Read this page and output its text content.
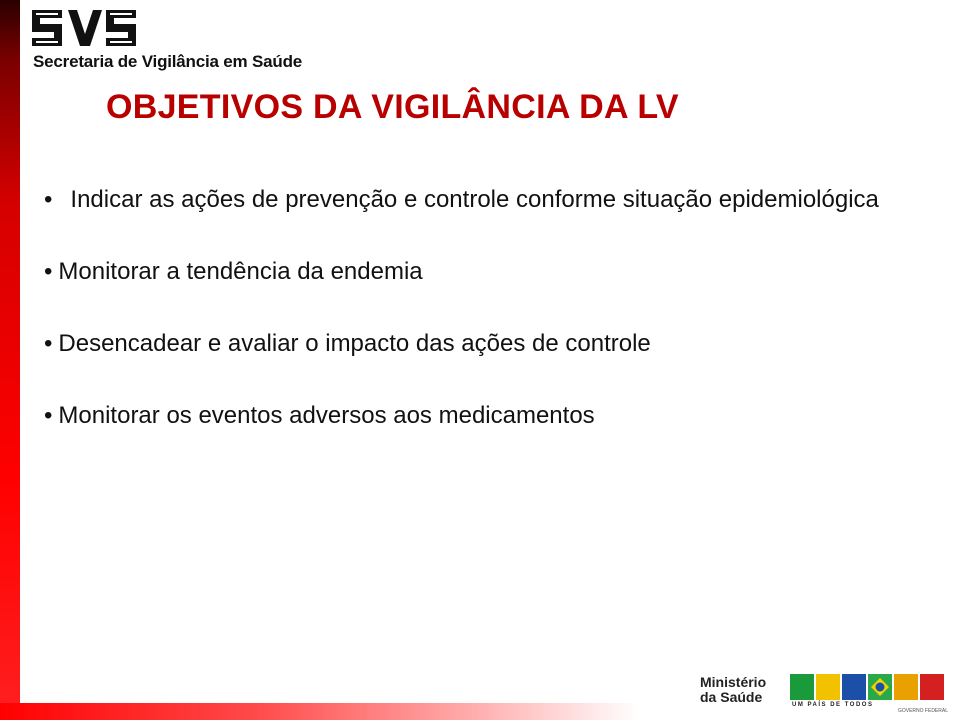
Secretaria de Vigilância em Saúde
OBJETIVOS DA VIGILÂNCIA DA LV
• Indicar as ações de prevenção e controle conforme situação epidemiológica
• Monitorar a tendência da endemia
• Desencadear e avaliar o impacto das ações de controle
• Monitorar os eventos adversos aos medicamentos
Ministério
da Saúde	UM PAÍS DE TODOS
GOVERNO FEDERAL
